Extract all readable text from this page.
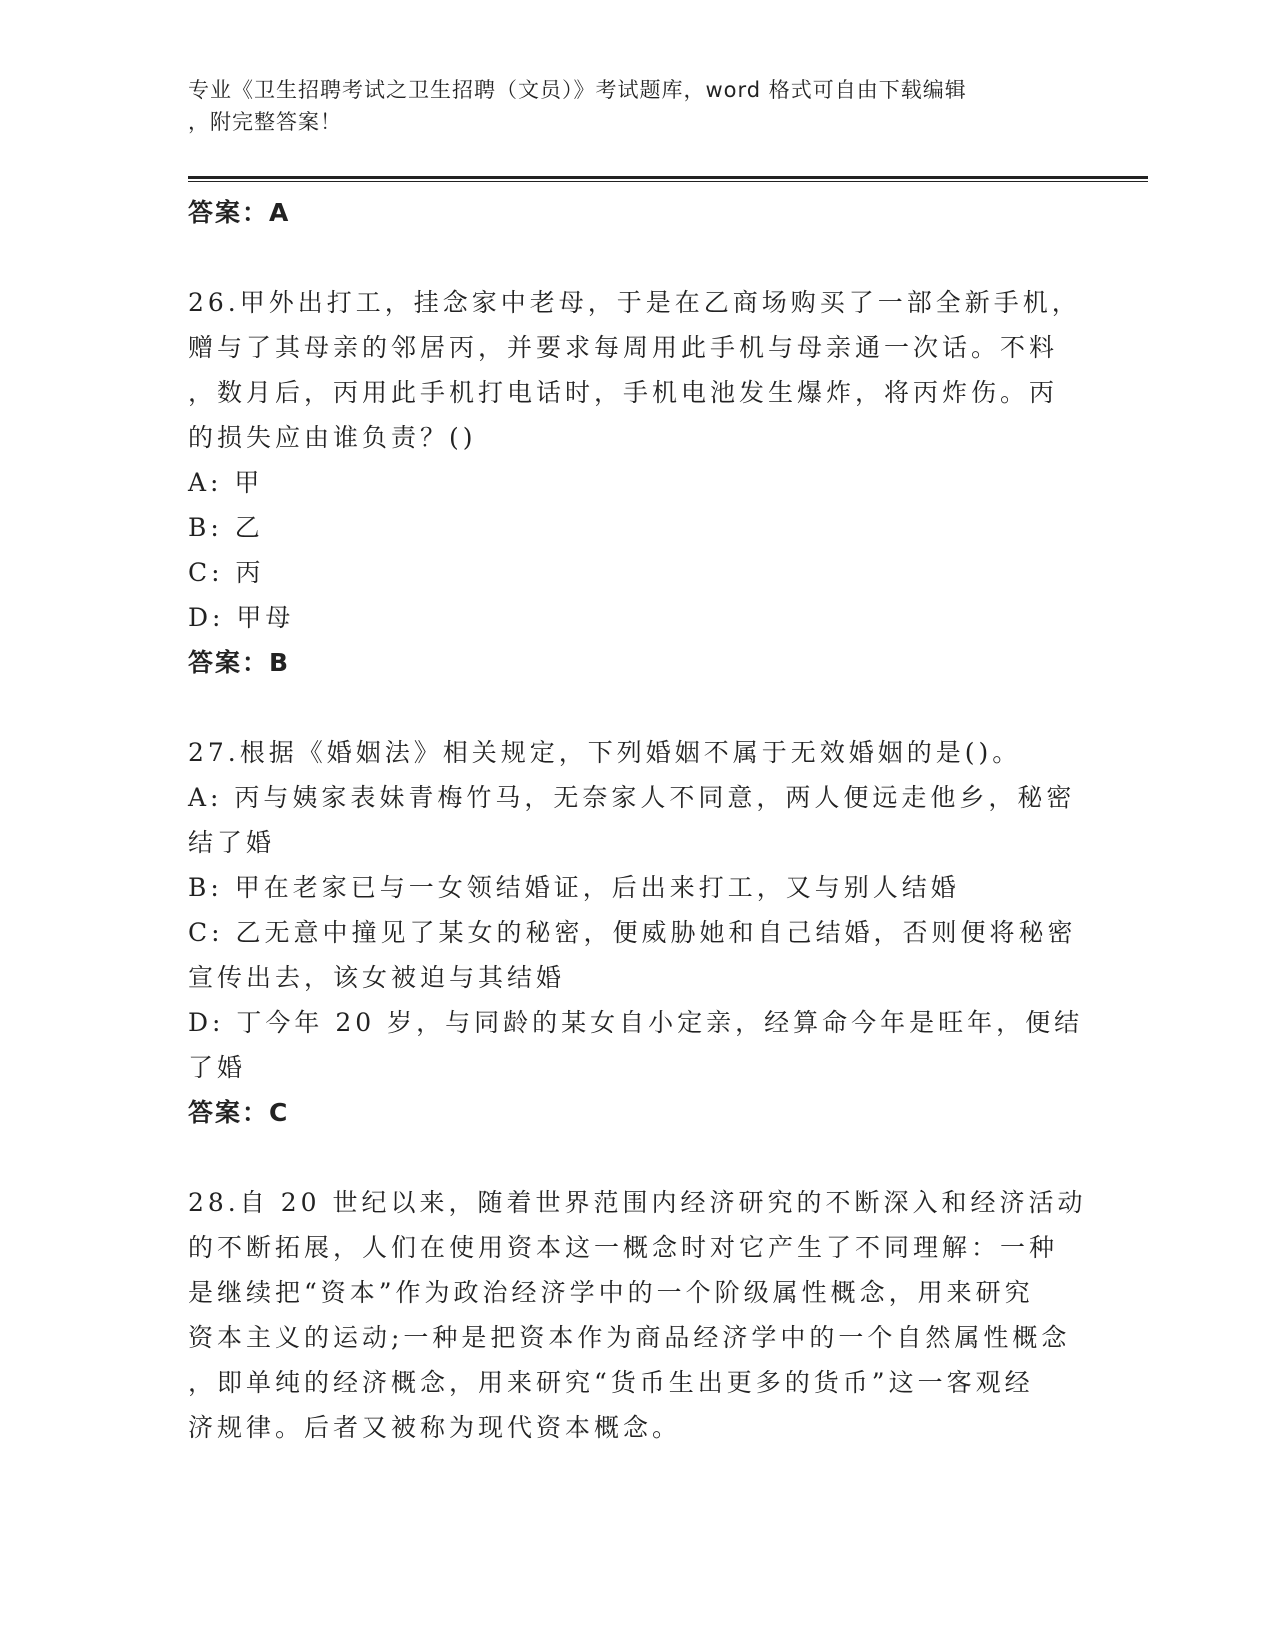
专业《卫生招聘考试之卫生招聘（文员）》考试题库，word 格式可自由下载编辑
，附完整答案！
答案：A
26.甲外出打工，挂念家中老母，于是在乙商场购买了一部全新手机，
赠与了其母亲的邻居丙，并要求每周用此手机与母亲通一次话。不料
，数月后，丙用此手机打电话时，手机电池发生爆炸，将丙炸伤。丙
的损失应由谁负责？()
A: 甲
B: 乙
C: 丙
D: 甲母
答案：B
27.根据《婚姻法》相关规定，下列婚姻不属于无效婚姻的是()。
A: 丙与姨家表妹青梅竹马，无奈家人不同意，两人便远走他乡，秘密
结了婚
B: 甲在老家已与一女领结婚证，后出来打工，又与别人结婚
C: 乙无意中撞见了某女的秘密，便威胁她和自己结婚，否则便将秘密
宣传出去，该女被迫与其结婚
D: 丁今年 20 岁，与同龄的某女自小定亲，经算命今年是旺年，便结
了婚
答案：C
28.自 20 世纪以来，随着世界范围内经济研究的不断深入和经济活动
的不断拓展，人们在使用资本这一概念时对它产生了不同理解：一种
是继续把“资本”作为政治经济学中的一个阶级属性概念，用来研究
资本主义的运动;一种是把资本作为商品经济学中的一个自然属性概念
，即单纯的经济概念，用来研究“货币生出更多的货币”这一客观经
济规律。后者又被称为现代资本概念。
